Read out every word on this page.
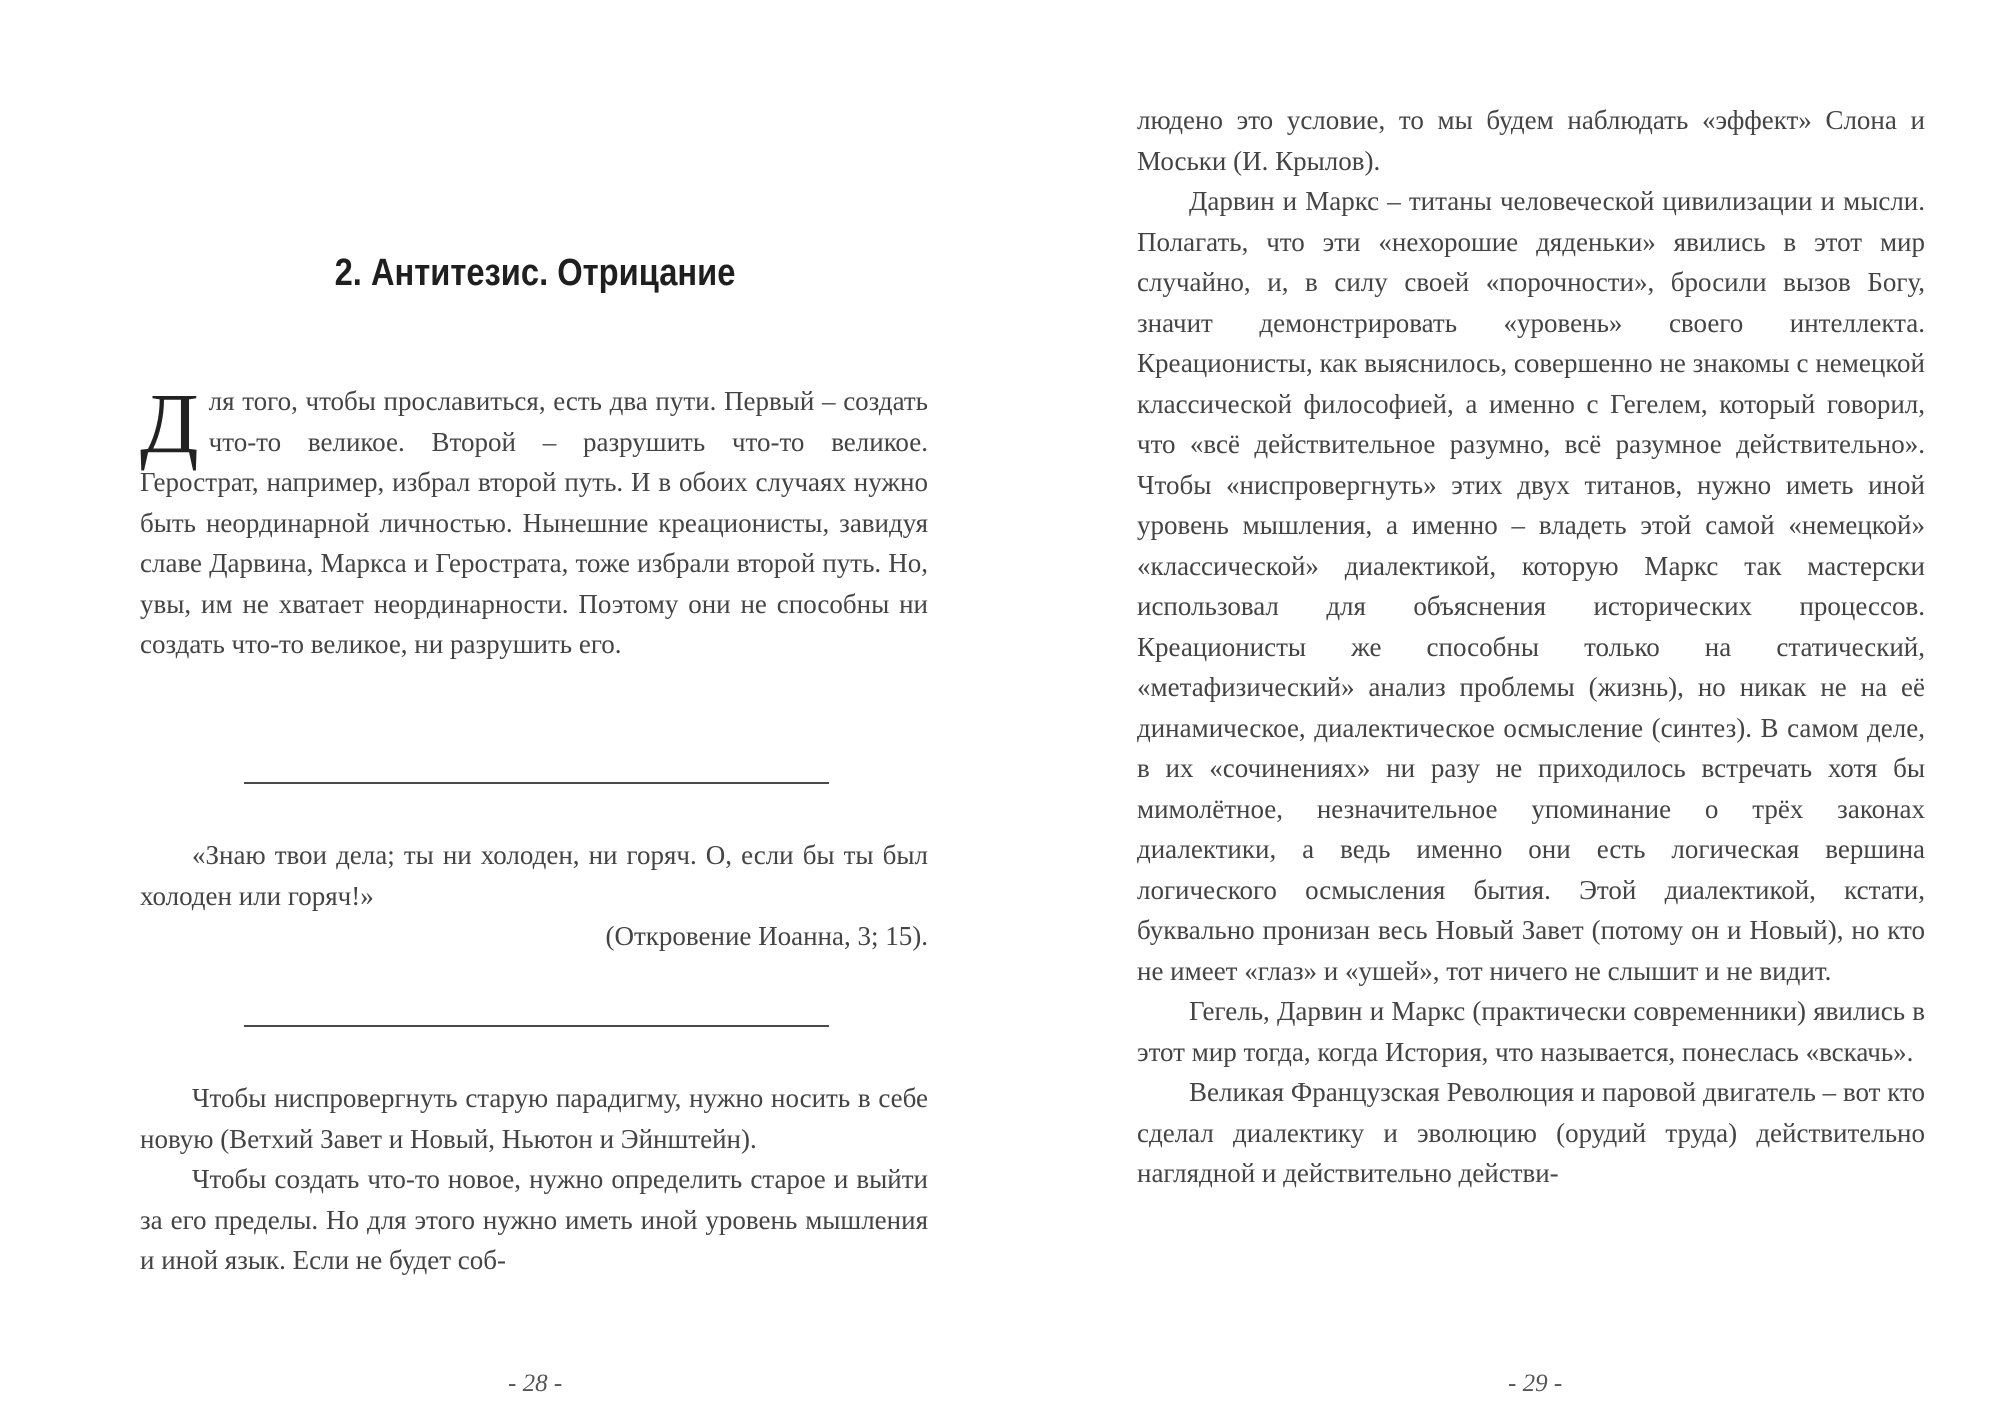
2. Антитезис. Отрицание

Д ля того, чтобы прославиться, есть два пути. Первый – создать что-то великое. Второй – разрушить что-то великое. Герострат, например, избрал второй путь. И в обоих случаях нужно быть неординарной личностью. Нынешние креационисты, завидуя славе Дарвина, Маркса и Герострата, тоже избрали второй путь. Но, увы, им не хватает неординарности. Поэтому они не способны ни создать что-то великое, ни разрушить его.

«Знаю твои дела; ты ни холоден, ни горяч. О, если бы ты был холоден или горяч!»

(Откровение Иоанна, 3; 15).

Чтобы ниспровергнуть старую парадигму, нужно носить в себе новую (Ветхий Завет и Новый, Ньютон и Эйнштейн).

Чтобы создать что-то новое, нужно определить старое и выйти за его пределы. Но для этого нужно иметь иной уровень мышления и иной язык. Если не будет соб-

- 28 -

людено это условие, то мы будем наблюдать «эффект» Слона и Моськи (И. Крылов).

Дарвин и Маркс – титаны человеческой цивилизации и мысли. Полагать, что эти «нехорошие дяденьки» явились в этот мир случайно, и, в силу своей «порочности», бросили вызов Богу, значит демонстрировать «уровень» своего интеллекта. Креационисты, как выяснилось, совершенно не знакомы с немецкой классической философией, а именно с Гегелем, который говорил, что «всё действительное разумно, всё разумное действительно». Чтобы «ниспровергнуть» этих двух титанов, нужно иметь иной уровень мышления, а именно – владеть этой самой «немецкой» «классической» диалектикой, которую Маркс так мастерски использовал для объяснения исторических процессов. Креационисты же способны только на статический, «метафизический» анализ проблемы (жизнь), но никак не на её динамическое, диалектическое осмысление (синтез). В самом деле, в их «сочинениях» ни разу не приходилось встречать хотя бы мимолётное, незначительное упоминание о трёх законах диалектики, а ведь именно они есть логическая вершина логического осмысления бытия. Этой диалектикой, кстати, буквально пронизан весь Новый Завет (потому он и Новый), но кто не имеет «глаз» и «ушей», тот ничего не слышит и не видит.

Гегель, Дарвин и Маркс (практически современники) явились в этот мир тогда, когда История, что называется, понеслась «вскачь».

Великая Французская Революция и паровой двигатель – вот кто сделал диалектику и эволюцию (орудий труда) действительно наглядной и действительно действи-

- 29 -
